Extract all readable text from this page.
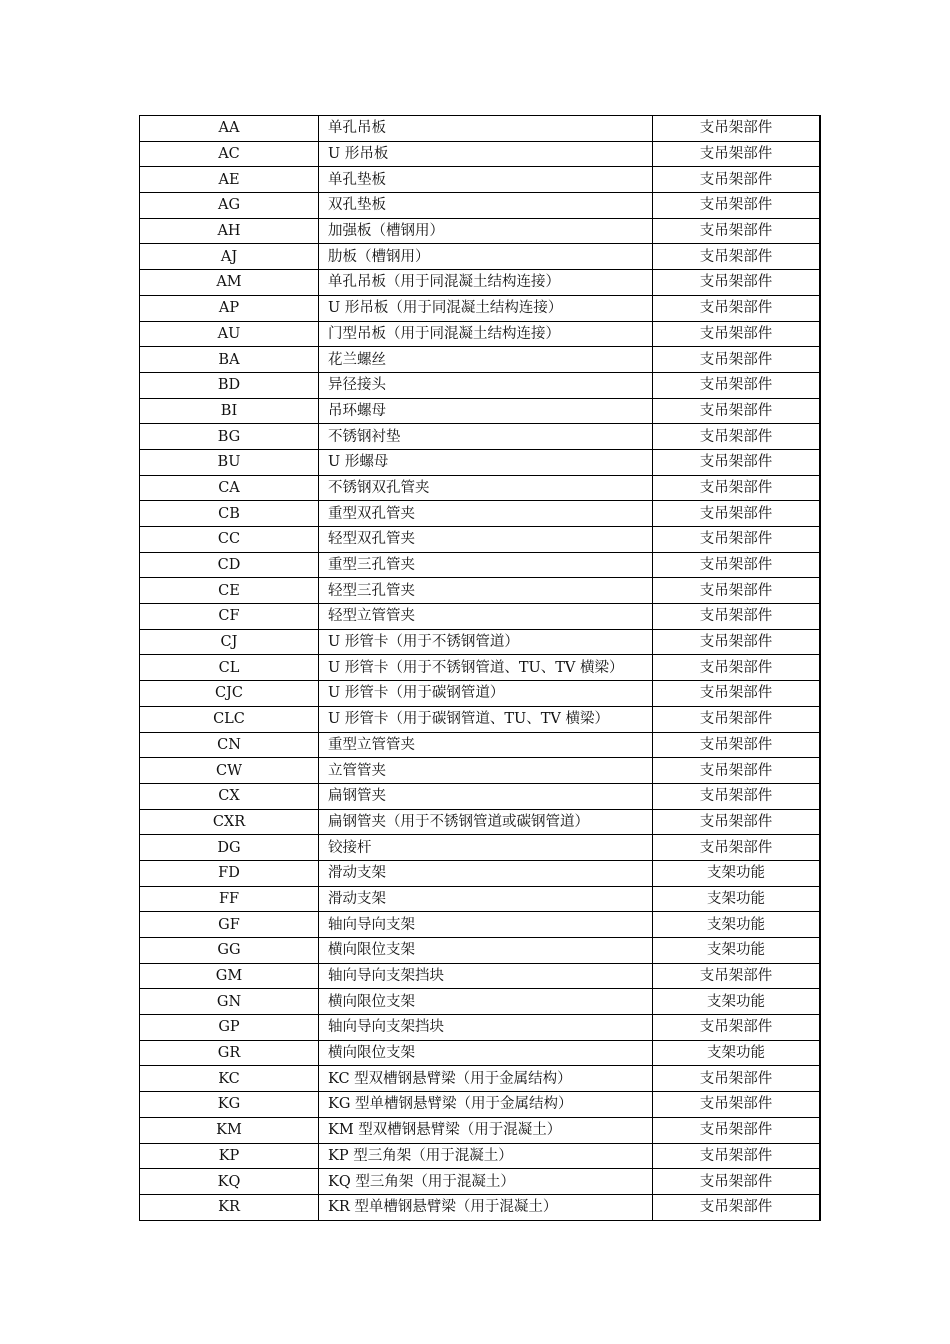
AA	单孔吊板	支吊架部件
AC	U 形吊板	支吊架部件
AE	单孔垫板	支吊架部件
AG	双孔垫板	支吊架部件
AH	加强板（槽钢用）	支吊架部件
AJ	肋板（槽钢用）	支吊架部件
AM	单孔吊板（用于同混凝土结构连接）	支吊架部件
AP	U 形吊板（用于同混凝土结构连接）	支吊架部件
AU	门型吊板（用于同混凝土结构连接）	支吊架部件
BA	花兰螺丝	支吊架部件
BD	异径接头	支吊架部件
BI	吊环螺母	支吊架部件
BG	不锈钢衬垫	支吊架部件
BU	U 形螺母	支吊架部件
CA	不锈钢双孔管夹	支吊架部件
CB	重型双孔管夹	支吊架部件
CC	轻型双孔管夹	支吊架部件
CD	重型三孔管夹	支吊架部件
CE	轻型三孔管夹	支吊架部件
CF	轻型立管管夹	支吊架部件
CJ	U 形管卡（用于不锈钢管道）	支吊架部件
CL	U 形管卡（用于不锈钢管道、TU、TV 横梁）	支吊架部件
CJC	U 形管卡（用于碳钢管道）	支吊架部件
CLC	U 形管卡（用于碳钢管道、TU、TV 横梁）	支吊架部件
CN	重型立管管夹	支吊架部件
CW	立管管夹	支吊架部件
CX	扁钢管夹	支吊架部件
CXR	扁钢管夹（用于不锈钢管道或碳钢管道）	支吊架部件
DG	铰接杆	支吊架部件
FD	滑动支架	支架功能
FF	滑动支架	支架功能
GF	轴向导向支架	支架功能
GG	横向限位支架	支架功能
GM	轴向导向支架挡块	支吊架部件
GN	横向限位支架	支架功能
GP	轴向导向支架挡块	支吊架部件
GR	横向限位支架	支架功能
KC	KC 型双槽钢悬臂梁（用于金属结构）	支吊架部件
KG	KG 型单槽钢悬臂梁（用于金属结构）	支吊架部件
KM	KM 型双槽钢悬臂梁（用于混凝土）	支吊架部件
KP	KP 型三角架（用于混凝土）	支吊架部件
KQ	KQ 型三角架（用于混凝土）	支吊架部件
KR	KR 型单槽钢悬臂梁（用于混凝土）	支吊架部件
